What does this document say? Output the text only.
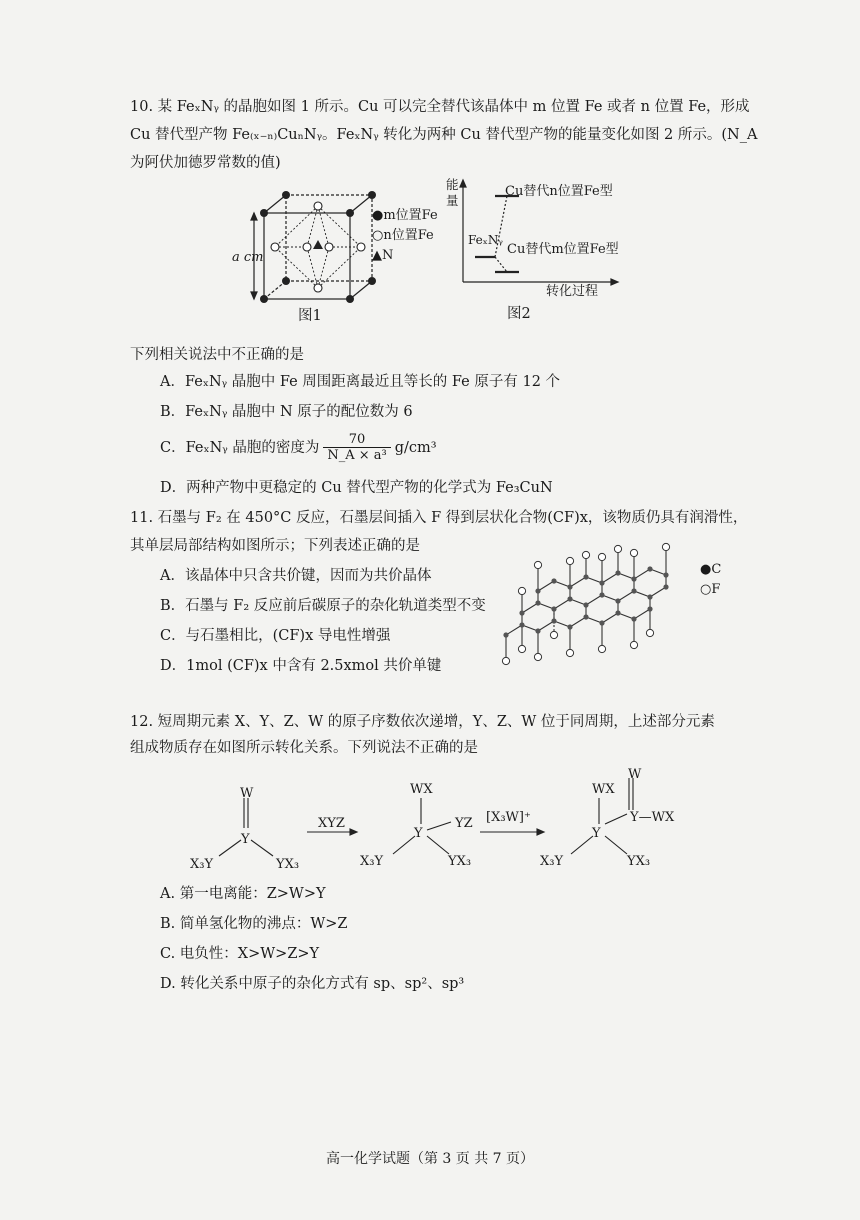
10. 某 FeₓNᵧ 的晶胞如图 1 所示。Cu 可以完全替代该晶体中 m 位置 Fe 或者 n 位置 Fe，形成
Cu 替代型产物 Fe₍ₓ₋ₙ₎CuₙNᵧ。FeₓNᵧ 转化为两种 Cu 替代型产物的能量变化如图 2 所示。(N_A
为阿伏加德罗常数的值)
a cm
●m位置Fe
○n位置Fe
▲N
图1
能量
Cu替代n位置Fe型
FeₓNᵧ
Cu替代m位置Fe型
转化过程
图2
下列相关说法中不正确的是
A．FeₓNᵧ 晶胞中 Fe 周围距离最近且等长的 Fe 原子有 12 个
B．FeₓNᵧ 晶胞中 N 原子的配位数为 6
C．FeₓNᵧ 晶胞的密度为 $\frac{70}{\text{N\_A × a³}} g/cm^3$
D．两种产物中更稳定的 Cu 替代型产物的化学式为 Fe₃CuN
11. 石墨与 F₂ 在 450°C 反应，石墨层间插入 F 得到层状化合物(CF)x，该物质仍具有润滑性，
其单层局部结构如图所示；下列表述正确的是
A．该晶体中只含共价键，因而为共价晶体
B．石墨与 F₂ 反应前后碳原子的杂化轨道类型不变
C．与石墨相比，(CF)x 导电性增强
D．1mol (CF)x 中含有 2.5xmol 共价单键
●C
○F
12. 短周期元素 X、Y、Z、W 的原子序数依次递增，Y、Z、W 位于同周期，上述部分元素
组成物质存在如图所示转化关系。下列说法不正确的是
W
Y
X₃Y	YX₃
XYZ
WX
Y
YZ
X₃Y	YX₃
[X₃W]⁺
WX
W
Y
Y—WX
X₃Y	YX₃
A. 第一电离能：Z>W>Y
B. 简单氢化物的沸点：W>Z
C. 电负性：X>W>Z>Y
D. 转化关系中原子的杂化方式有 sp、sp²、sp³
高一化学试题（第 3 页 共 7 页）
